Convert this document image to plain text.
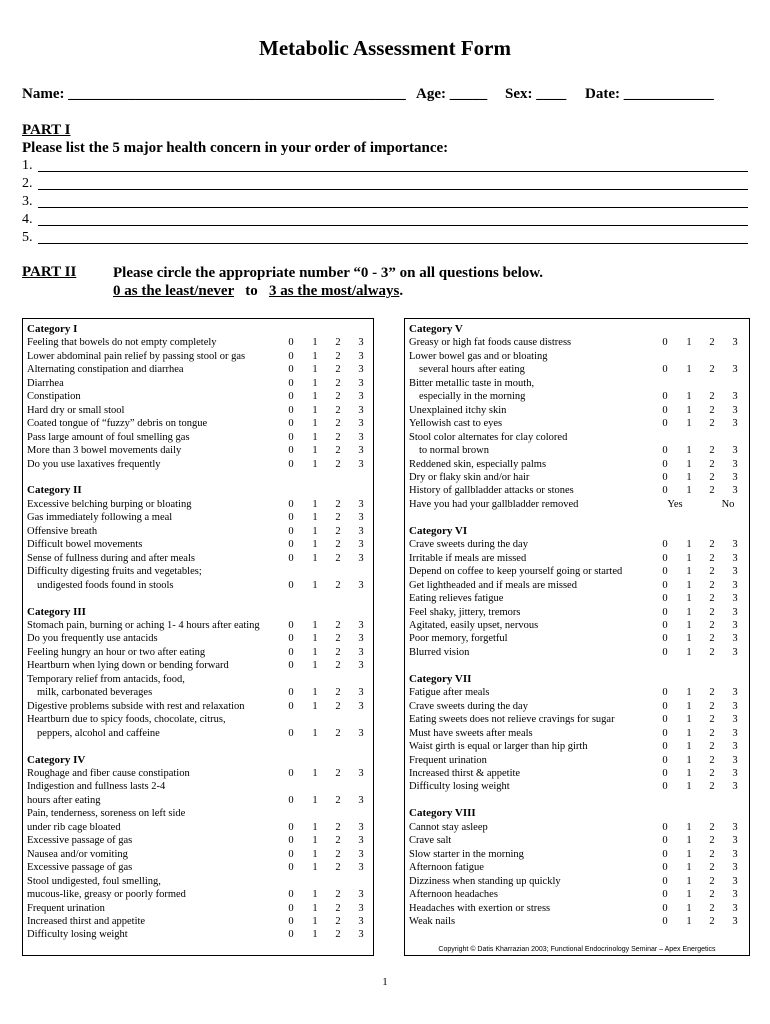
Metabolic Assessment Form
Name: _____________________________________________ Age: _____ Sex: ____ Date: ____________
PART I
Please list the 5 major health concern in your order of importance:
1.
2.
3.
4.
5.
PART II Please circle the appropriate number “0 - 3” on all questions below.
0 as the least/never to 3 as the most/always.
Category I
Feeling that bowels do not empty completely	0 1 2 3
Lower abdominal pain relief by passing stool or gas	0 1 2 3
Alternating constipation and diarrhea	0 1 2 3
Diarrhea	0 1 2 3
Constipation	0 1 2 3
Hard dry or small stool	0 1 2 3
Coated tongue of “fuzzy” debris on tongue	0 1 2 3
Pass large amount of foul smelling gas	0 1 2 3
More than 3 bowel movements daily	0 1 2 3
Do you use laxatives frequently	0 1 2 3
Category II
Excessive belching burping or bloating	0 1 2 3
Gas immediately following a meal	0 1 2 3
Offensive breath	0 1 2 3
Difficult bowel movements	0 1 2 3
Sense of fullness during and after meals	0 1 2 3
Difficulty digesting fruits and vegetables;
undigested foods found in stools	0 1 2 3
Category III
Stomach pain, burning or aching 1- 4 hours after eating	0 1 2 3
Do you frequently use antacids	0 1 2 3
Feeling hungry an hour or two after eating	0 1 2 3
Heartburn when lying down or bending forward	0 1 2 3
Temporary relief from antacids, food,
milk, carbonated beverages	0 1 2 3
Digestive problems subside with rest and relaxation	0 1 2 3
Heartburn due to spicy foods, chocolate, citrus,
peppers, alcohol and caffeine	0 1 2 3
Category IV
Roughage and fiber cause constipation	0 1 2 3
Indigestion and fullness lasts 2-4
hours after eating	0 1 2 3
Pain, tenderness, soreness on left side
under rib cage bloated	0 1 2 3
Excessive passage of gas	0 1 2 3
Nausea and/or vomiting	0 1 2 3
Excessive passage of gas	0 1 2 3
Stool undigested, foul smelling,
mucous-like, greasy or poorly formed	0 1 2 3
Frequent urination	0 1 2 3
Increased thirst and appetite	0 1 2 3
Difficulty losing weight	0 1 2 3
Category V
Greasy or high fat foods cause distress	0 1 2 3
Lower bowel gas and or bloating
several hours after eating	0 1 2 3
Bitter metallic taste in mouth,
especially in the morning	0 1 2 3
Unexplained itchy skin	0 1 2 3
Yellowish cast to eyes	0 1 2 3
Stool color alternates for clay colored
to normal brown	0 1 2 3
Reddened skin, especially palms	0 1 2 3
Dry or flaky skin and/or hair	0 1 2 3
History of gallbladder attacks or stones	0 1 2 3
Have you had your gallbladder removed	Yes	No
Category VI
Crave sweets during the day	0 1 2 3
Irritable if meals are missed	0 1 2 3
Depend on coffee to keep yourself going or started	0 1 2 3
Get lightheaded and if meals are missed	0 1 2 3
Eating relieves fatigue	0 1 2 3
Feel shaky, jittery, tremors	0 1 2 3
Agitated, easily upset, nervous	0 1 2 3
Poor memory, forgetful	0 1 2 3
Blurred vision	0 1 2 3
Category VII
Fatigue after meals	0 1 2 3
Crave sweets during the day	0 1 2 3
Eating sweets does not relieve cravings for sugar	0 1 2 3
Must have sweets after meals	0 1 2 3
Waist girth is equal or larger than hip girth	0 1 2 3
Frequent urination	0 1 2 3
Increased thirst & appetite	0 1 2 3
Difficulty losing weight	0 1 2 3
Category VIII
Cannot stay asleep	0 1 2 3
Crave salt	0 1 2 3
Slow starter in the morning	0 1 2 3
Afternoon fatigue	0 1 2 3
Dizziness when standing up quickly	0 1 2 3
Afternoon headaches	0 1 2 3
Headaches with exertion or stress	0 1 2 3
Weak nails	0 1 2 3
Copyright © Datis Kharrazian 2003; Functional Endocrinology Seminar – Apex Energetics
1
